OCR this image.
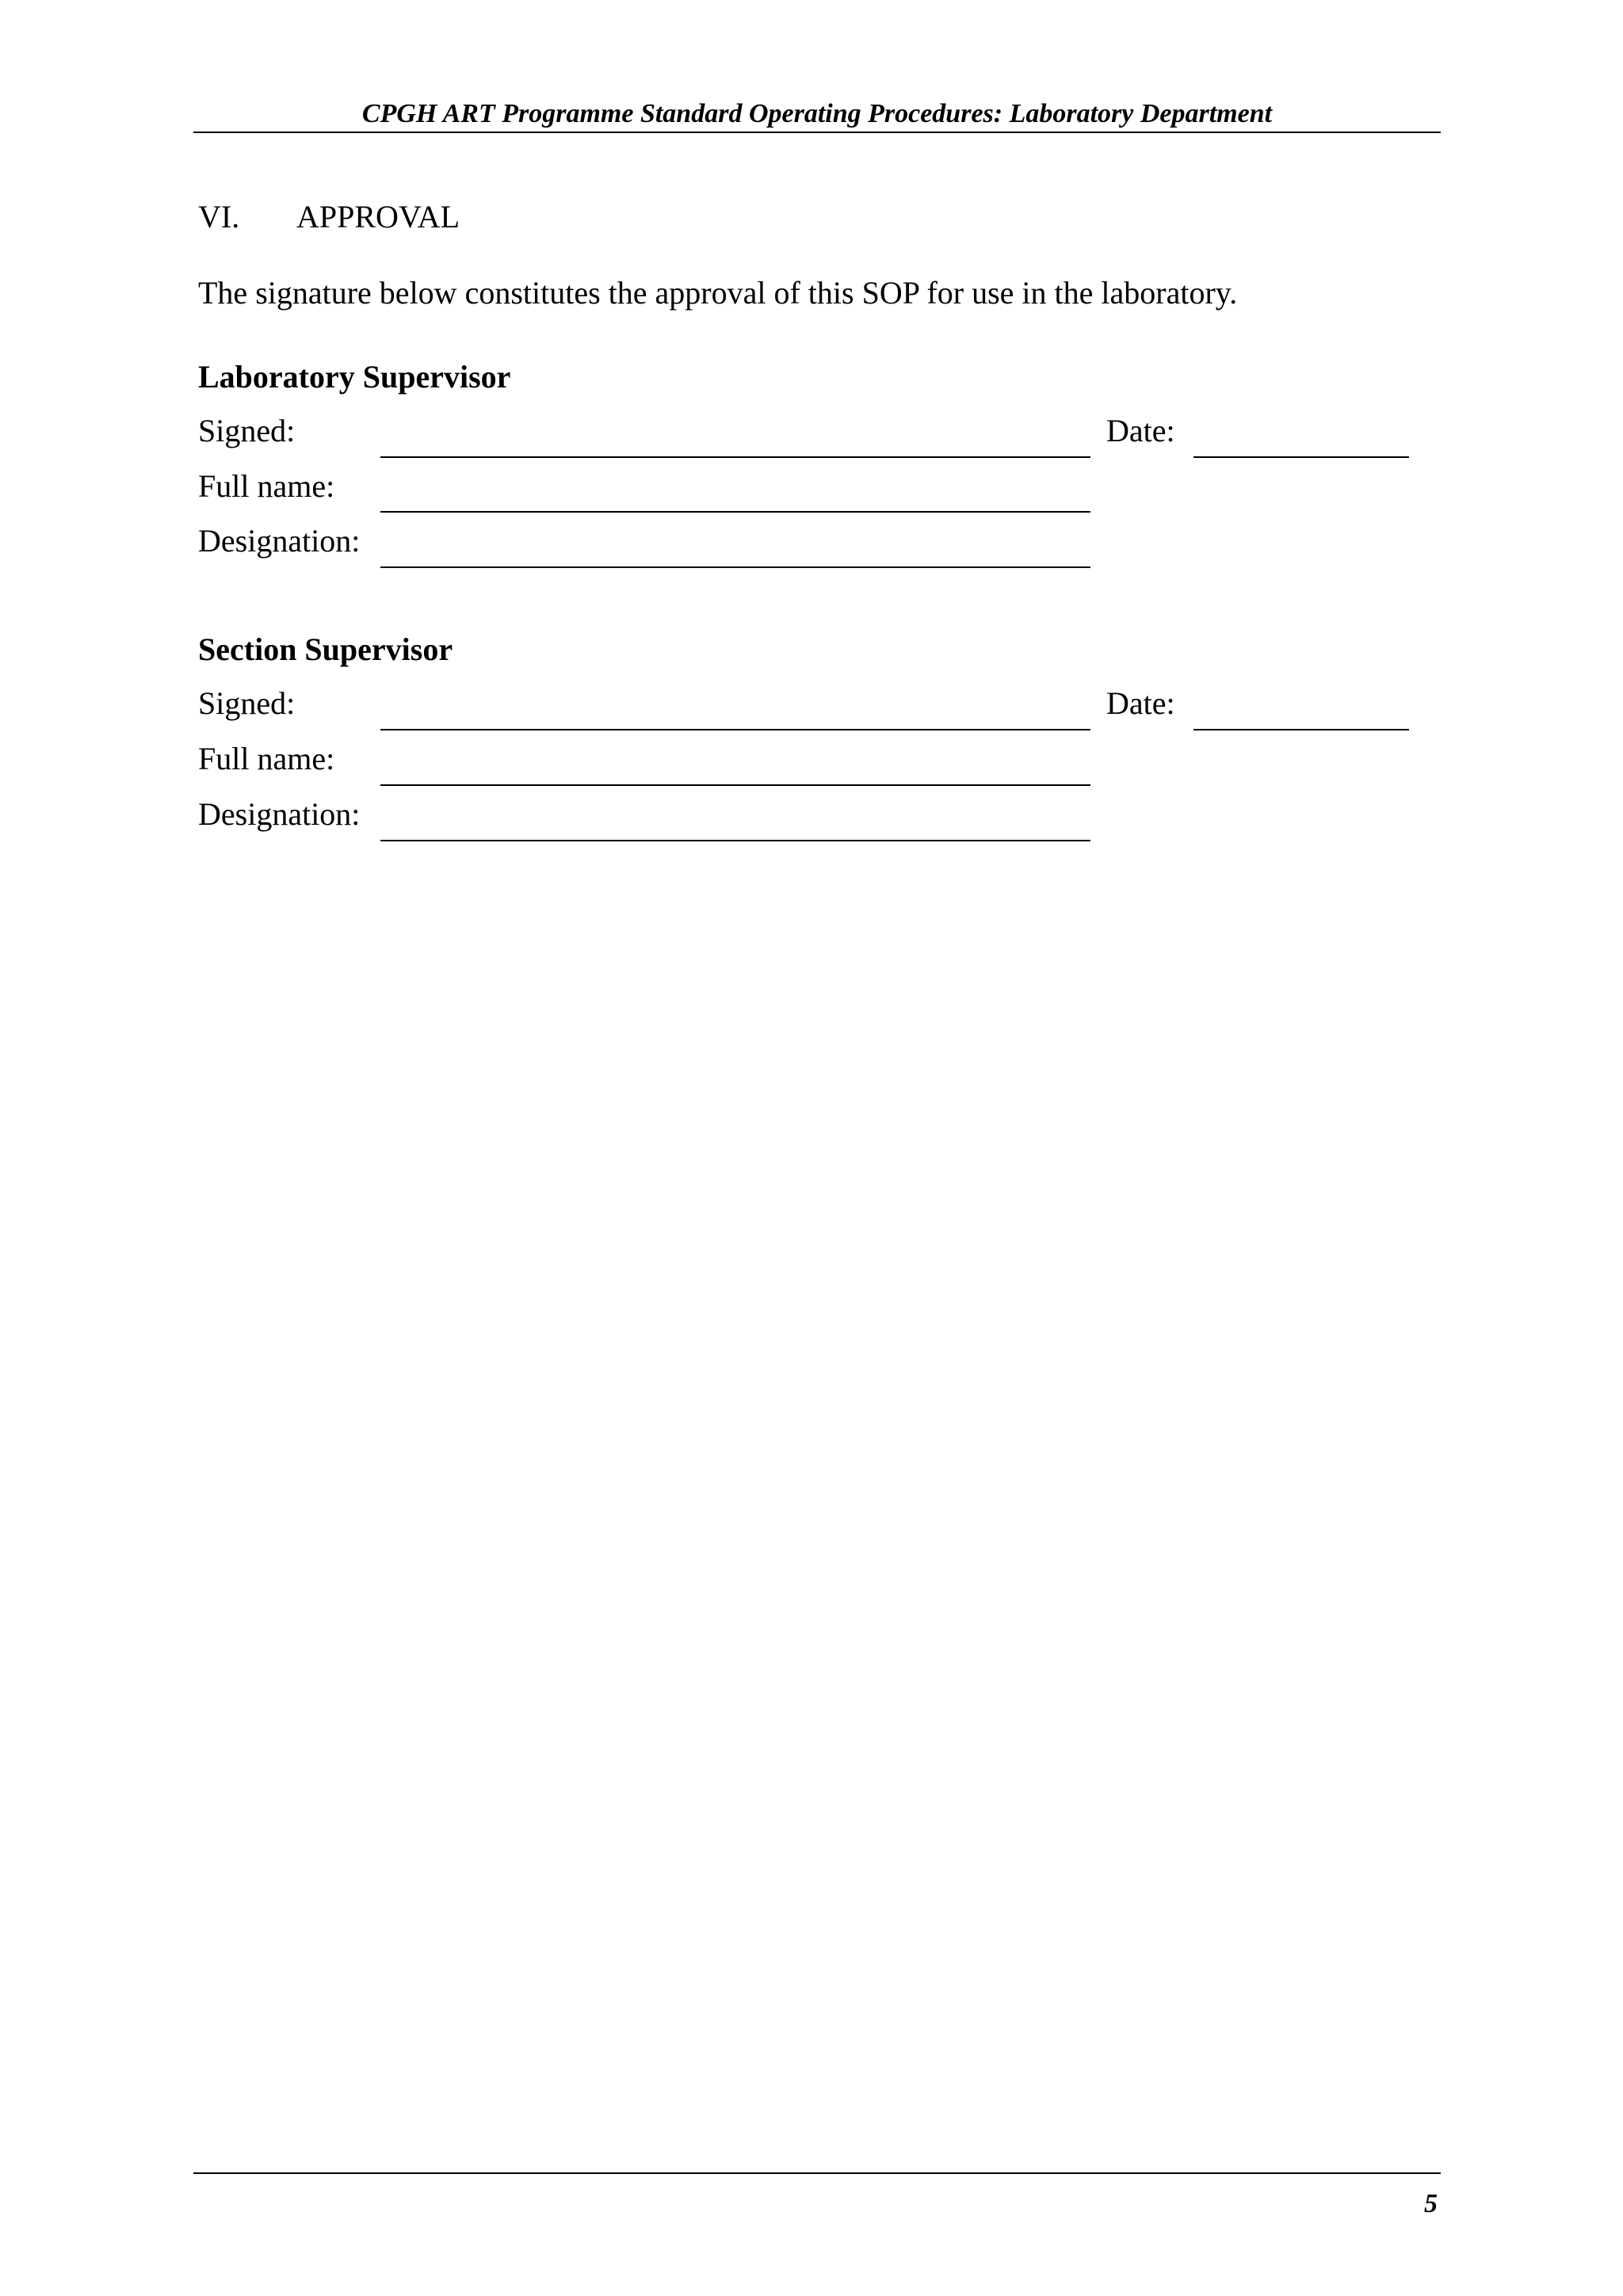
CPGH ART Programme Standard Operating Procedures: Laboratory Department
VI. APPROVAL
The signature below constitutes the approval of this SOP for use in the laboratory.
Laboratory Supervisor
Signed:	Date:
Full name:
Designation:
Section Supervisor
Signed:	Date:
Full name:
Designation:
5
